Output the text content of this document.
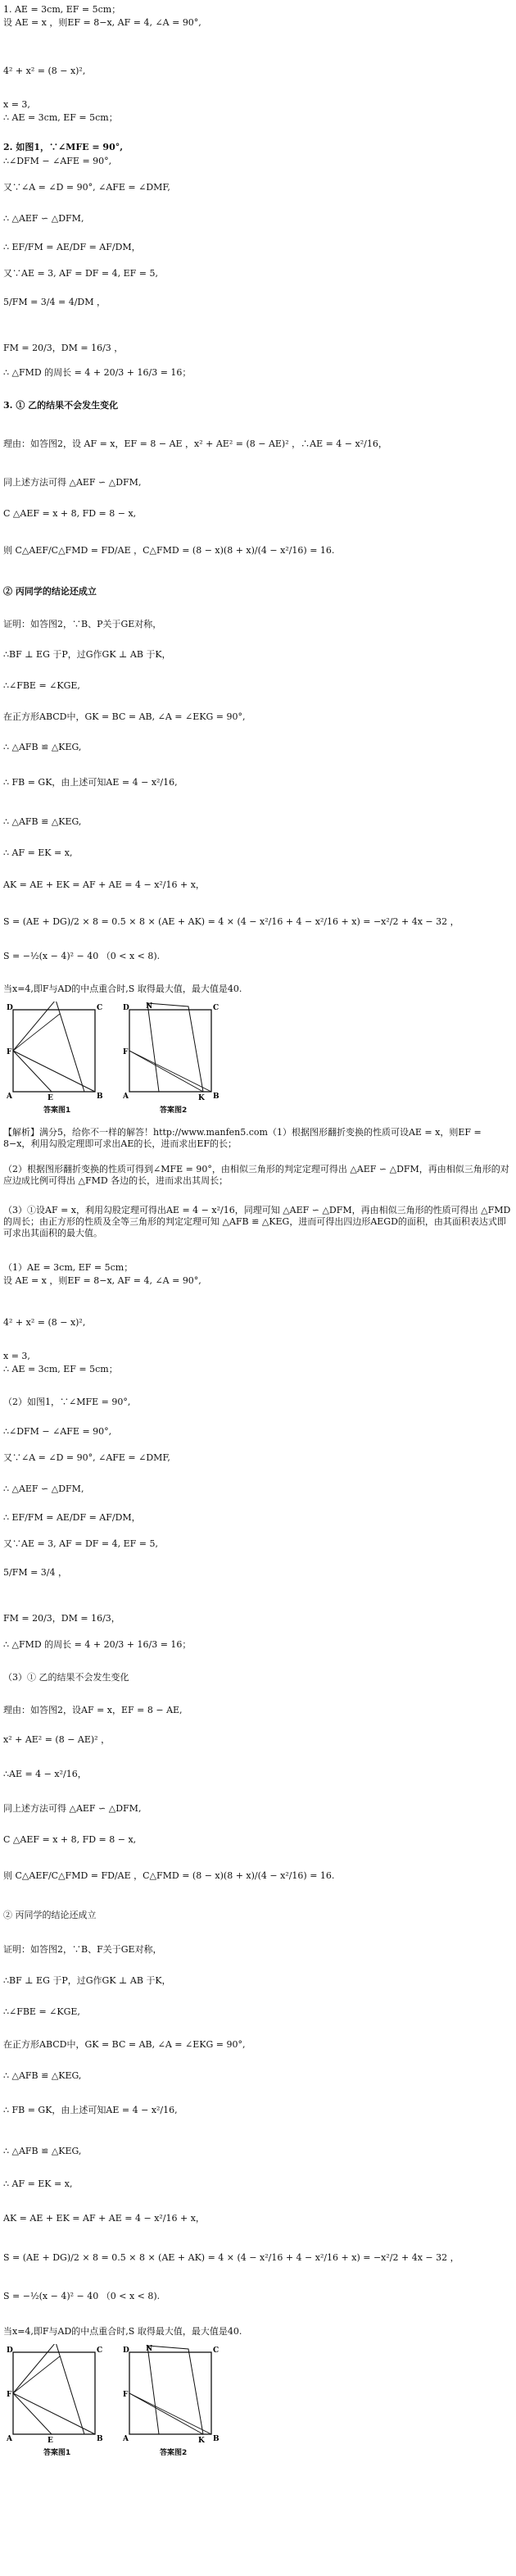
1. AE = 3cm, EF = 5cm；
设 AE = x ，则EF = 8−x, AF = 4, ∠A = 90°,
4² + x² = (8 − x)²,
x = 3,
∴ AE = 3cm, EF = 5cm；
2. 如图1，∵∠MFE = 90°,
∴∠DFM − ∠AFE = 90°,
又∵∠A = ∠D = 90°, ∠AFE = ∠DMF,
∴ △AEF ∽ △DFM,
∴ EF/FM = AE/DF = AF/DM，
又∵AE = 3, AF = DF = 4, EF = 5,
5/FM = 3/4 = 4/DM ，
FM = 20/3，DM = 16/3 ，
∴ △FMD 的周长 = 4 + 20/3 + 16/3 = 16；
3. ① 乙的结果不会发生变化
理由：如答图2，设 AF = x，EF = 8 − AE ，x² + AE² = (8 − AE)² ，∴AE = 4 − x²/16，
同上述方法可得 △AEF ∽ △DFM,
C △AEF = x + 8, FD = 8 − x,
则 C△AEF/C△FMD = FD/AE ，C△FMD = (8 − x)(8 + x)/(4 − x²/16) = 16.
② 丙同学的结论还成立
证明：如答图2，∵B、P关于GE对称，
∴BF ⊥ EG 于P，过G作GK ⊥ AB 于K，
∴∠FBE = ∠KGE,
在正方形ABCD中，GK = BC = AB, ∠A = ∠EKG = 90°,
∴ △AFB ≌ △KEG,
∴ FB = GK，由上述可知AE = 4 − x²/16,
∴ △AFB ≌ △KEG,
∴ AF = EK = x,
AK = AE + EK = AF + AE = 4 − x²/16 + x，
S = (AE + DG)/2 × 8 = 0.5 × 8 × (AE + AK) = 4 × (4 − x²/16 + 4 − x²/16 + x) = −x²/2 + 4x − 32 ，
S = −½(x − 4)² − 40 （0 < x < 8).
当x=4,即F与AD的中点重合时,S 取得最大值，最大值是40.
D	C
F
A	B
E
答案图1
D	C
N
F
A	K B
答案图2
【解析】满分5，给你不一样的解答！http://www.manfen5.com（1）根据图形翻折变换的性质可设AE = x，则EF = 8−x，利用勾股定理即可求出AE的长，进而求出EF的长；
（2）根据图形翻折变换的性质可得到∠MFE = 90°，由相似三角形的判定定理可得出 △AEF ∽ △DFM，再由相似三角形的对应边成比例可得出 △FMD 各边的长，进而求出其周长；
（3）①设AF = x，利用勾股定理可得出AE = 4 − x²/16，同理可知 △AEF ∽ △DFM，再由相似三角形的性质可得出 △FMD 的周长；由正方形的性质及全等三角形的判定定理可知 △AFB ≌ △KEG，进而可得出四边形AEGD的面积，由其面积表达式即可求出其面积的最大值。
（1）AE = 3cm, EF = 5cm；
设 AE = x ，则EF = 8−x, AF = 4, ∠A = 90°,
4² + x² = (8 − x)²,
x = 3,
∴ AE = 3cm, EF = 5cm；
（2）如图1，∵∠MFE = 90°,
∴∠DFM − ∠AFE = 90°,
又∵∠A = ∠D = 90°, ∠AFE = ∠DMF,
∴ △AEF ∽ △DFM,
∴ EF/FM = AE/DF = AF/DM，
又∵AE = 3, AF = DF = 4, EF = 5,
5/FM = 3/4 ，
FM = 20/3，DM = 16/3，
∴ △FMD 的周长 = 4 + 20/3 + 16/3 = 16；
（3）① 乙的结果不会发生变化
理由：如答图2，设AF = x，EF = 8 − AE,
x² + AE² = (8 − AE)² ，
∴AE = 4 − x²/16，
同上述方法可得 △AEF ∽ △DFM,
C △AEF = x + 8, FD = 8 − x,
则 C△AEF/C△FMD = FD/AE ，C△FMD = (8 − x)(8 + x)/(4 − x²/16) = 16.
② 丙同学的结论还成立
证明：如答图2，∵B、F关于GE对称，
∴BF ⊥ EG 于P，过G作GK ⊥ AB 于K，
∴∠FBE = ∠KGE,
在正方形ABCD中，GK = BC = AB, ∠A = ∠EKG = 90°,
∴ △AFB ≌ △KEG,
∴ FB = GK，由上述可知AE = 4 − x²/16,
∴ △AFB ≌ △KEG,
∴ AF = EK = x,
AK = AE + EK = AF + AE = 4 − x²/16 + x，
S = (AE + DG)/2 × 8 = 0.5 × 8 × (AE + AK) = 4 × (4 − x²/16 + 4 − x²/16 + x) = −x²/2 + 4x − 32 ，
S = −½(x − 4)² − 40 （0 < x < 8).
当x=4,即F与AD的中点重合时,S 取得最大值，最大值是40.
D	C
F
A	B
E
答案图1
D	C
N
F
A	K B
答案图2
